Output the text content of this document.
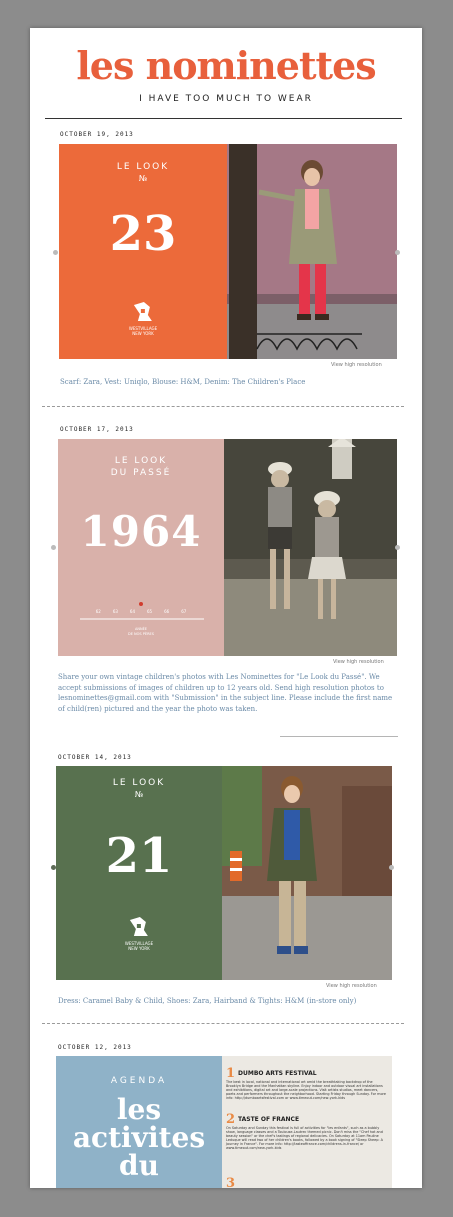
les nominettes
I HAVE TOO MUCH TO WEAR
OCTOBER 19, 2013
LE LOOK
№
23
WESTVILLAGE
NEW YORK
View high resolution
Scarf: Zara, Vest: Uniqlo, Blouse: H&M, Denim: The Children's Place
OCTOBER 17, 2013
LE LOOK
DU PASSÉ
1964
62	63	64	65	66	67
ANNÉE
DE NOS PÈRES
View high resolution
Share your own vintage children's photos with Les Nominettes for "Le Look du Passé". We accept submissions of images of children up to 12 years old. Send high resolution photos to lesnominettes@gmail.com with "Submission" in the subject line. Please include the first name of child(ren) pictured and the year the photo was taken.
OCTOBER 14, 2013
LE LOOK
№
21
WESTVILLAGE
NEW YORK
View high resolution
Dress: Caramel Baby & Child, Shoes: Zara, Hairband & Tights: H&M (in-store only)
OCTOBER 12, 2013
AGENDA
les
activites
du
1 DUMBO ARTS FESTIVAL
The best in local, national and international art amid the breathtaking backdrop of the Brooklyn Bridge and the Manhattan skyline. Enjoy indoor and outdoor visual art installations and exhibitions, digital art and large-scale projections. Visit artists studios, meet dancers, poets and performers throughout the neighborhood. Starting Friday through Sunday. For more info: http://dumboartsfestival.com or www.timeout.com/new-york-kids
2 TASTE OF FRANCE
On Saturday and Sunday this festival is full of activities for "les enfants", such as a bubbly show, language classes and a Toulouse-Lautrec themed picnic. Don't miss the "Chef hat and beauty session" or the chef's tastings of regional delicacies. On Saturday at 11am Pauline Leduque will read two of her children's books, followed by a book signing of "Sleep Sheep: A Journey in France". For more info: http://tasteoffrance.com/childrens-in-france/ or www.timeout.com/new-york-kids
3
